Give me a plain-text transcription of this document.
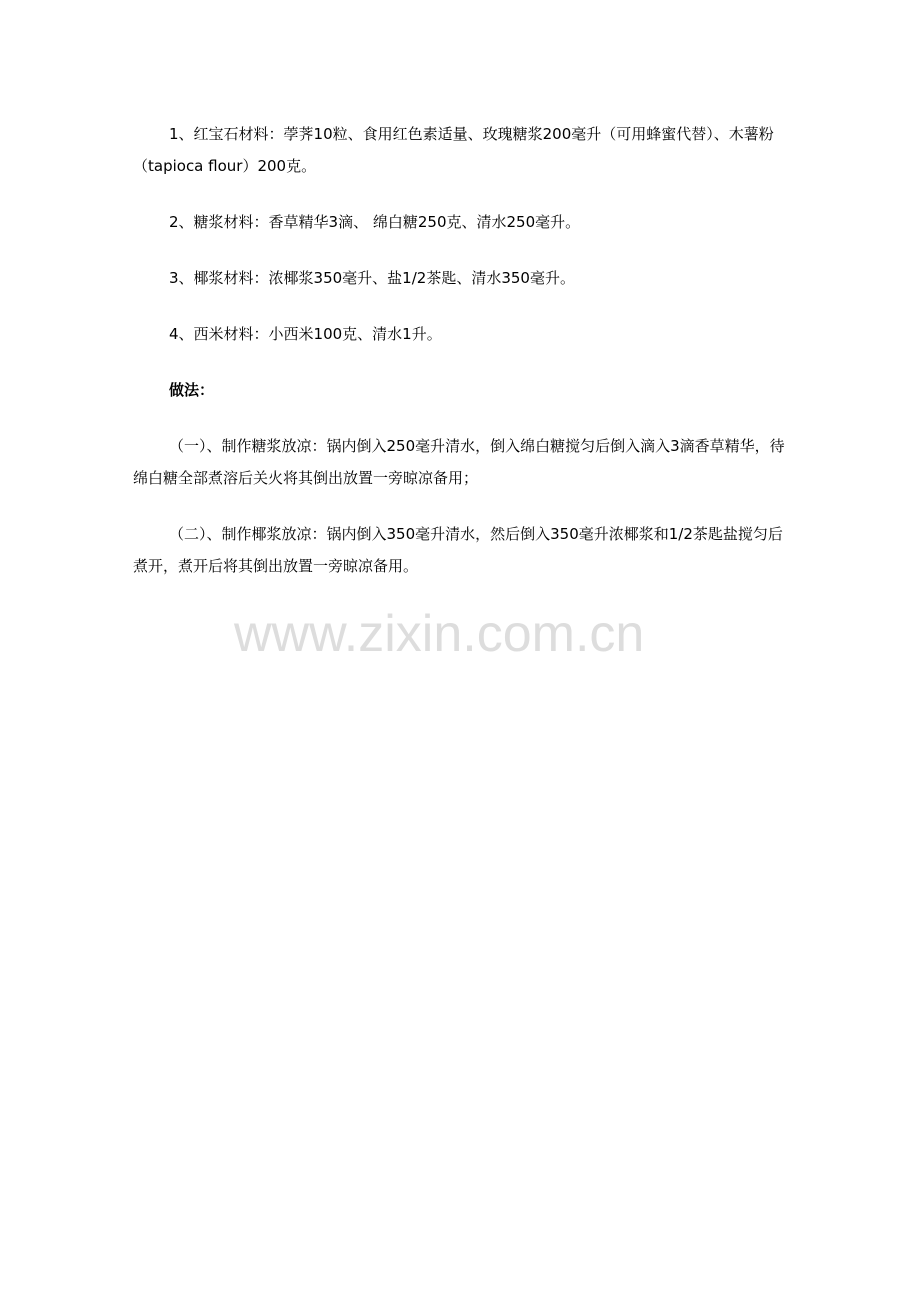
1、红宝石材料：荸荠10粒、食用红色素适量、玫瑰糖浆200毫升（可用蜂蜜代替）、木薯粉（tapioca flour）200克。

2、糖浆材料：香草精华3滴、 绵白糖250克、清水250毫升。

3、椰浆材料：浓椰浆350毫升、盐1/2茶匙、清水350毫升。

4、西米材料：小西米100克、清水1升。

做法：

（一）、制作糖浆放凉：锅内倒入250毫升清水，倒入绵白糖搅匀后倒入滴入3滴香草精华，待绵白糖全部煮溶后关火将其倒出放置一旁晾凉备用；

（二）、制作椰浆放凉：锅内倒入350毫升清水，然后倒入350毫升浓椰浆和1/2茶匙盐搅匀后煮开，煮开后将其倒出放置一旁晾凉备用。

www.zixin.com.cn
